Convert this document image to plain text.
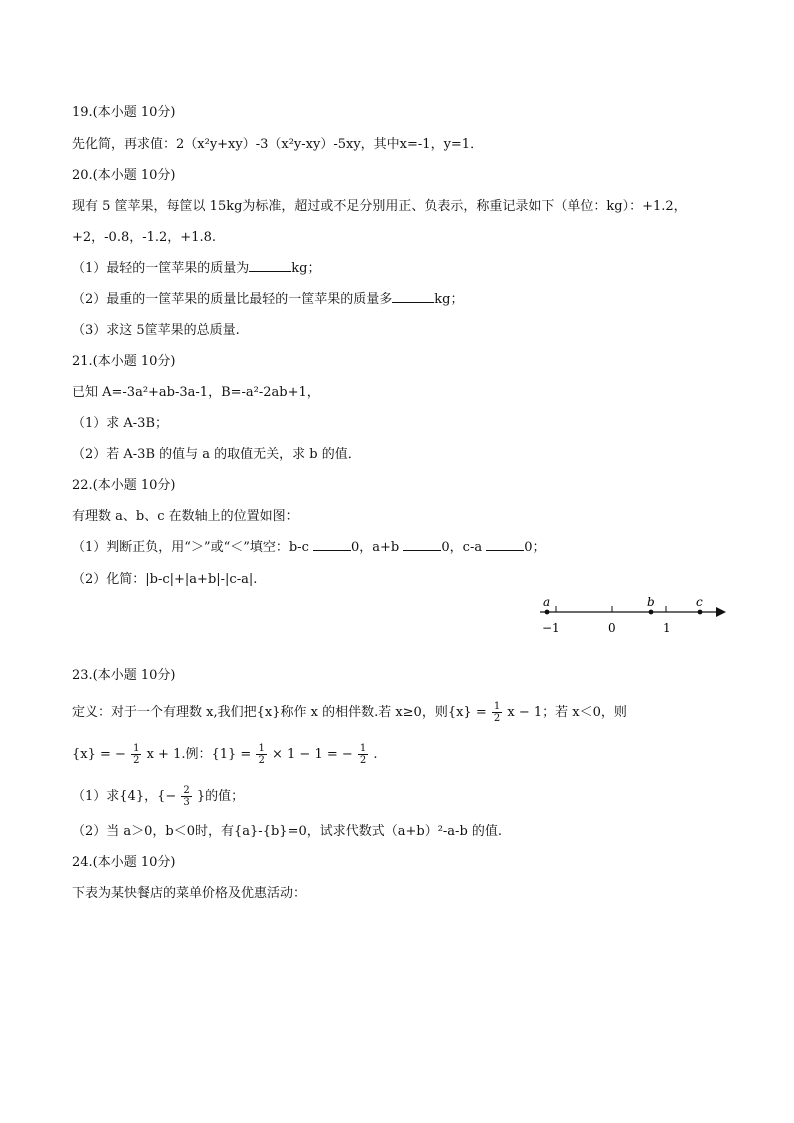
19.(本小题 10分)
先化简，再求值：2（x²y+xy）-3（x²y-xy）-5xy，其中x=-1，y=1．
20.(本小题 10分)
现有 5 筐苹果，每筐以 15kg为标准，超过或不足分别用正、负表示，称重记录如下（单位：kg）：+1.2，
+2，-0.8，-1.2，+1.8.
（1）最轻的一筐苹果的质量为	kg；
（2）最重的一筐苹果的质量比最轻的一筐苹果的质量多	kg；
（3）求这 5筐苹果的总质量.
21.(本小题 10分)
已知 A=-3a²+ab-3a-1，B=-a²-2ab+1，
（1）求 A-3B；
（2）若 A-3B 的值与 a 的取值无关，求 b 的值．
22.(本小题 10分)
有理数 a、b、c 在数轴上的位置如图：
（1）判断正负，用“＞”或“＜”填空：b-c	0，a+b	0，c-a	0；
（2）化简：|b-c|+|a+b|-|c-a|.
a	b	c
−1	0	1
23.(本小题 10分)
定义：对于一个有理数 x,我们把{x}称作 x 的相伴数.若 x≥0，则$\{x\} = \frac{1}{2}$ x − 1；若 x＜0，则
{x} = − $\frac{1}{2}$ x + 1.例：$\{1\} = \frac{1}{2} \times 1 - 1$ = − $\frac{1}{2}$ .
（1）求{4}，{− $\frac{2}{3}$ }的值；
（2）当 a＞0，b＜0时，有{a}-{b}=0，试求代数式（a+b）²-a-b 的值.
24.(本小题 10分)
下表为某快餐店的菜单价格及优惠活动：
